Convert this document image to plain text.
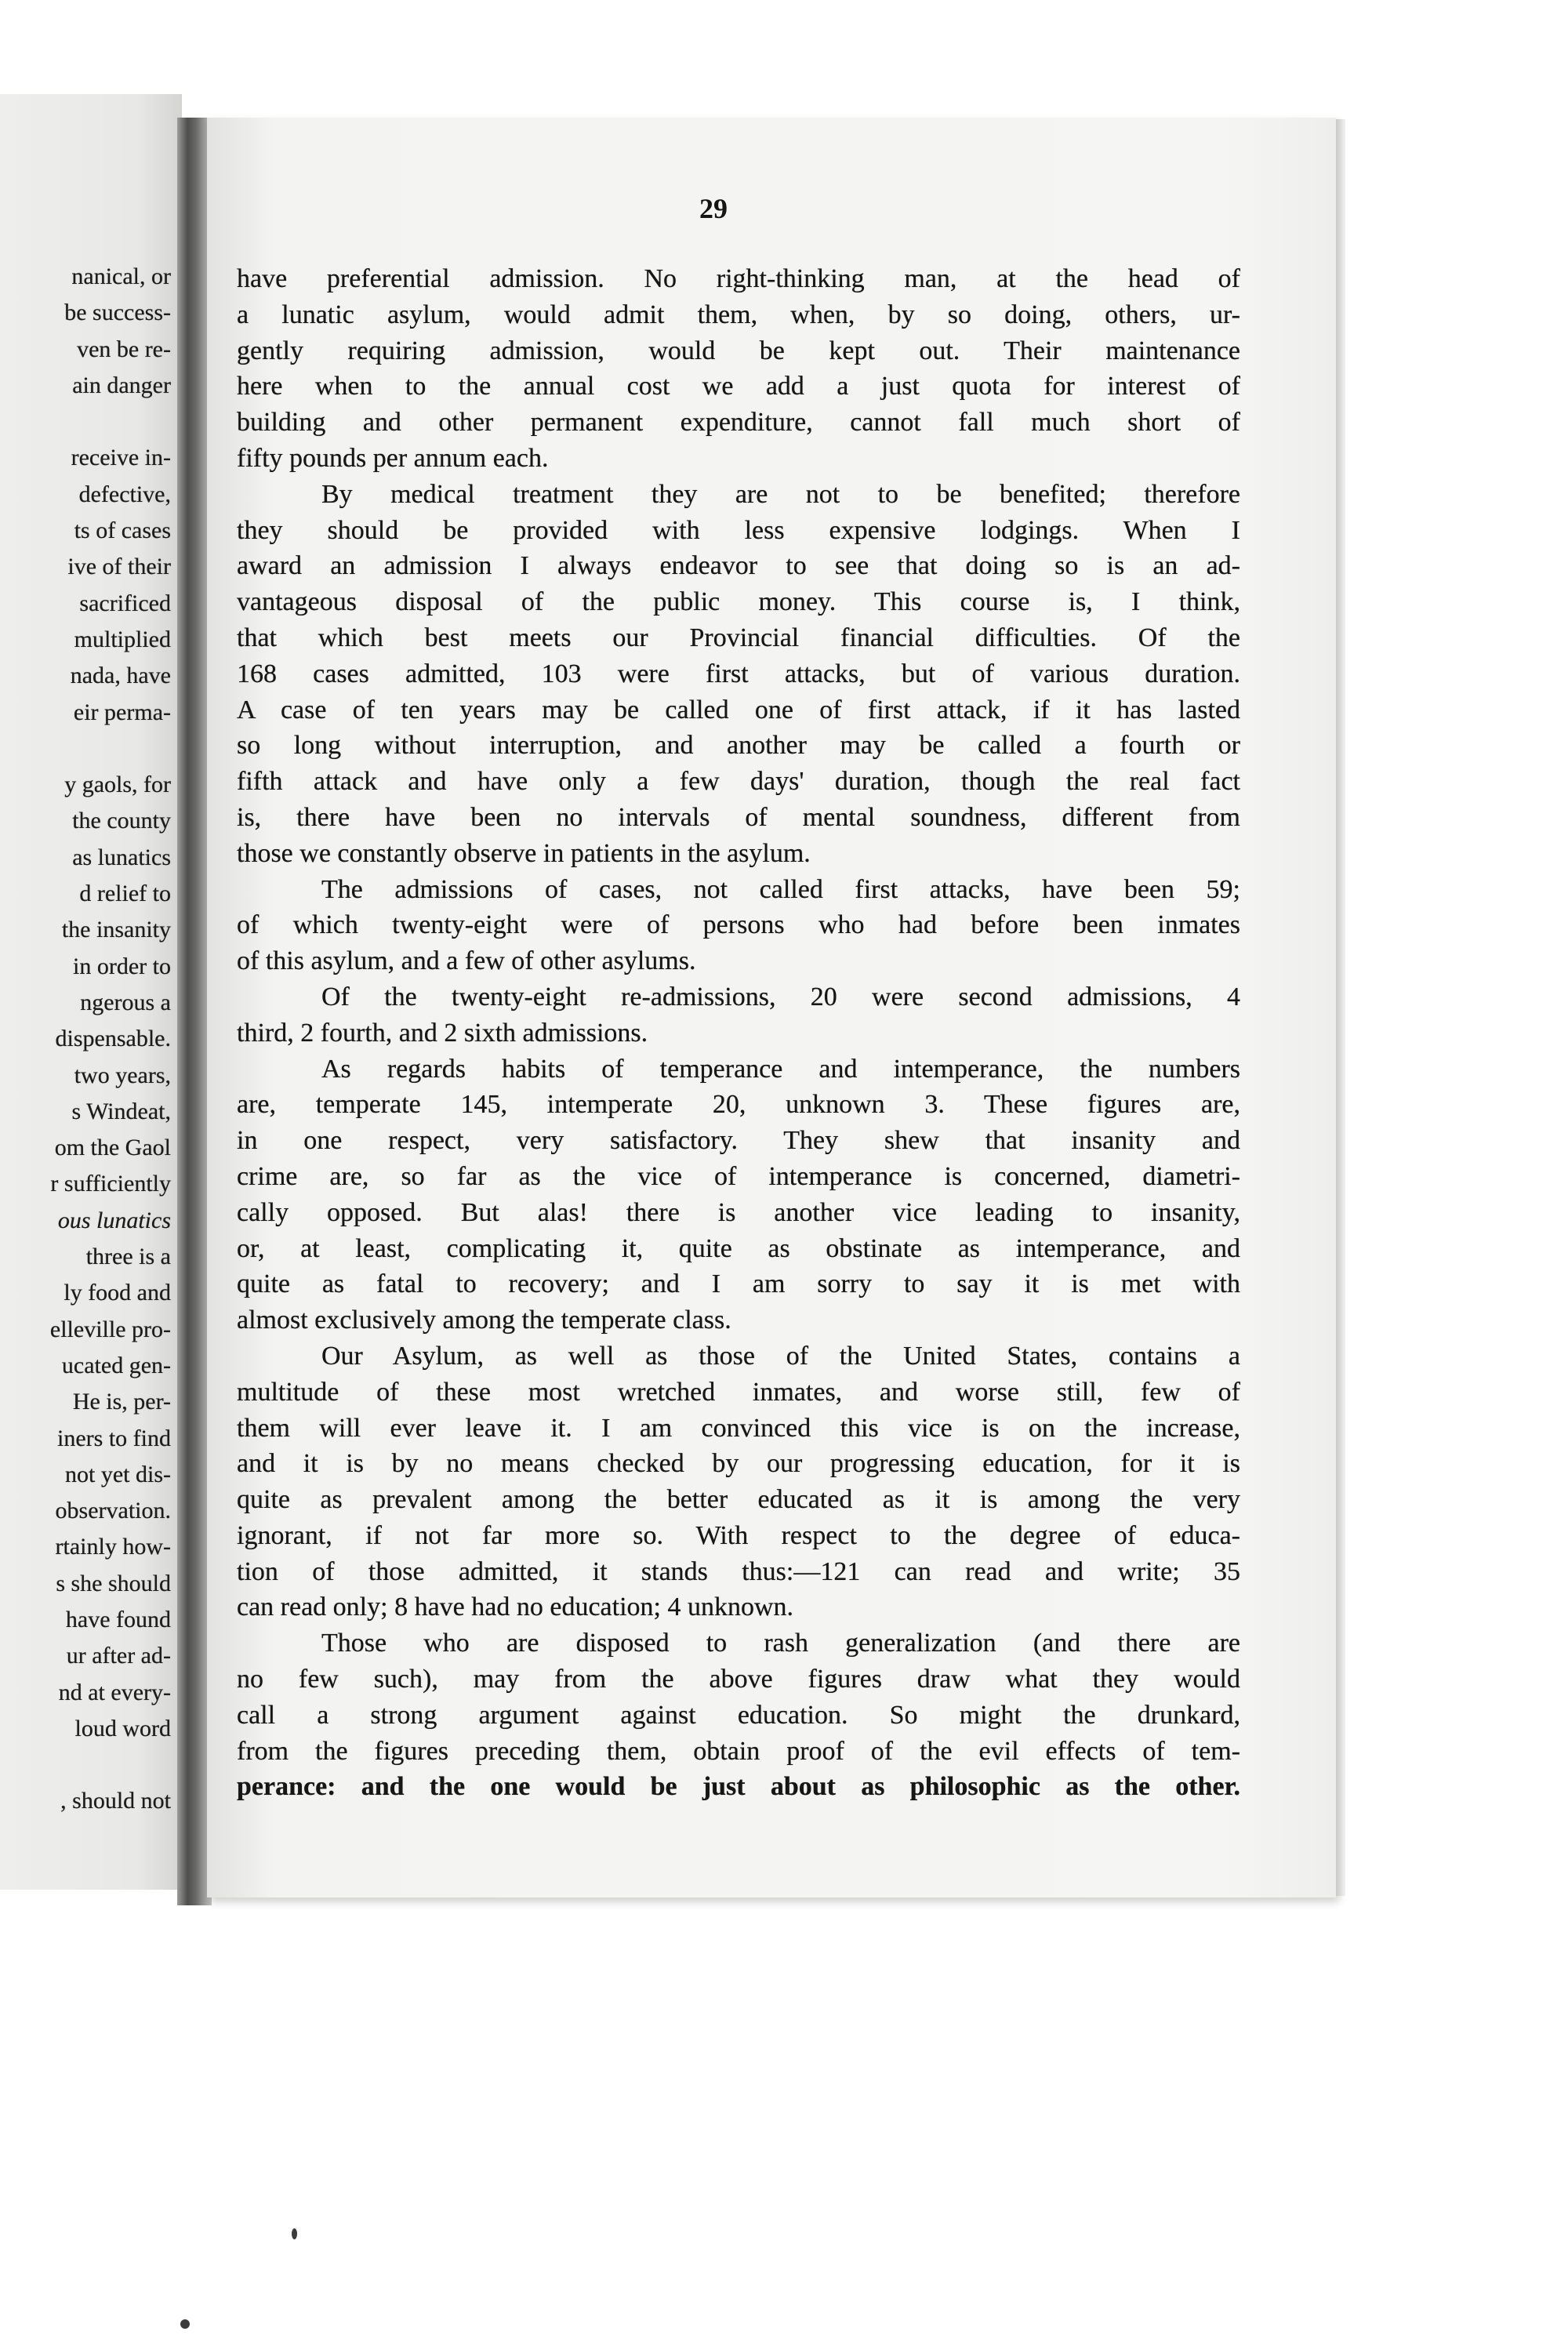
nanical, or
be success-
ven be re-
ain danger

receive in-
defective,
ts of cases
ive of their
sacrificed
multiplied
nada, have
eir perma-

y gaols, for
the county
as lunatics
d relief to
the insanity
in order to
ngerous a
dispensable.
two years,
s Windeat,
om the Gaol
r sufficiently
ous lunatics
three is a
ly food and
elleville pro-
ucated gen-
He is, per-
iners to find
not yet dis-
observation.
rtainly how-
s she should
have found
ur after ad-
nd at every-
loud word

, should not
29
have preferential admission. No right-thinking man, at the head of
a lunatic asylum, would admit them, when, by so doing, others, ur-
gently requiring admission, would be kept out. Their maintenance
here when to the annual cost we add a just quota for interest of
building and other permanent expenditure, cannot fall much short of
fifty pounds per annum each.
By medical treatment they are not to be benefited; therefore
they should be provided with less expensive lodgings. When I
award an admission I always endeavor to see that doing so is an ad-
vantageous disposal of the public money. This course is, I think,
that which best meets our Provincial financial difficulties. Of the
168 cases admitted, 103 were first attacks, but of various duration.
A case of ten years may be called one of first attack, if it has lasted
so long without interruption, and another may be called a fourth or
fifth attack and have only a few days' duration, though the real fact
is, there have been no intervals of mental soundness, different from
those we constantly observe in patients in the asylum.
The admissions of cases, not called first attacks, have been 59;
of which twenty-eight were of persons who had before been inmates
of this asylum, and a few of other asylums.
Of the twenty-eight re-admissions, 20 were second admissions, 4
third, 2 fourth, and 2 sixth admissions.
As regards habits of temperance and intemperance, the numbers
are, temperate 145, intemperate 20, unknown 3. These figures are,
in one respect, very satisfactory. They shew that insanity and
crime are, so far as the vice of intemperance is concerned, diametri-
cally opposed. But alas! there is another vice leading to insanity,
or, at least, complicating it, quite as obstinate as intemperance, and
quite as fatal to recovery; and I am sorry to say it is met with
almost exclusively among the temperate class.
Our Asylum, as well as those of the United States, contains a
multitude of these most wretched inmates, and worse still, few of
them will ever leave it. I am convinced this vice is on the increase,
and it is by no means checked by our progressing education, for it is
quite as prevalent among the better educated as it is among the very
ignorant, if not far more so. With respect to the degree of educa-
tion of those admitted, it stands thus:—121 can read and write; 35
can read only; 8 have had no education; 4 unknown.
Those who are disposed to rash generalization (and there are
no few such), may from the above figures draw what they would
call a strong argument against education. So might the drunkard,
from the figures preceding them, obtain proof of the evil effects of tem-
perance: and the one would be just about as philosophic as the other.
